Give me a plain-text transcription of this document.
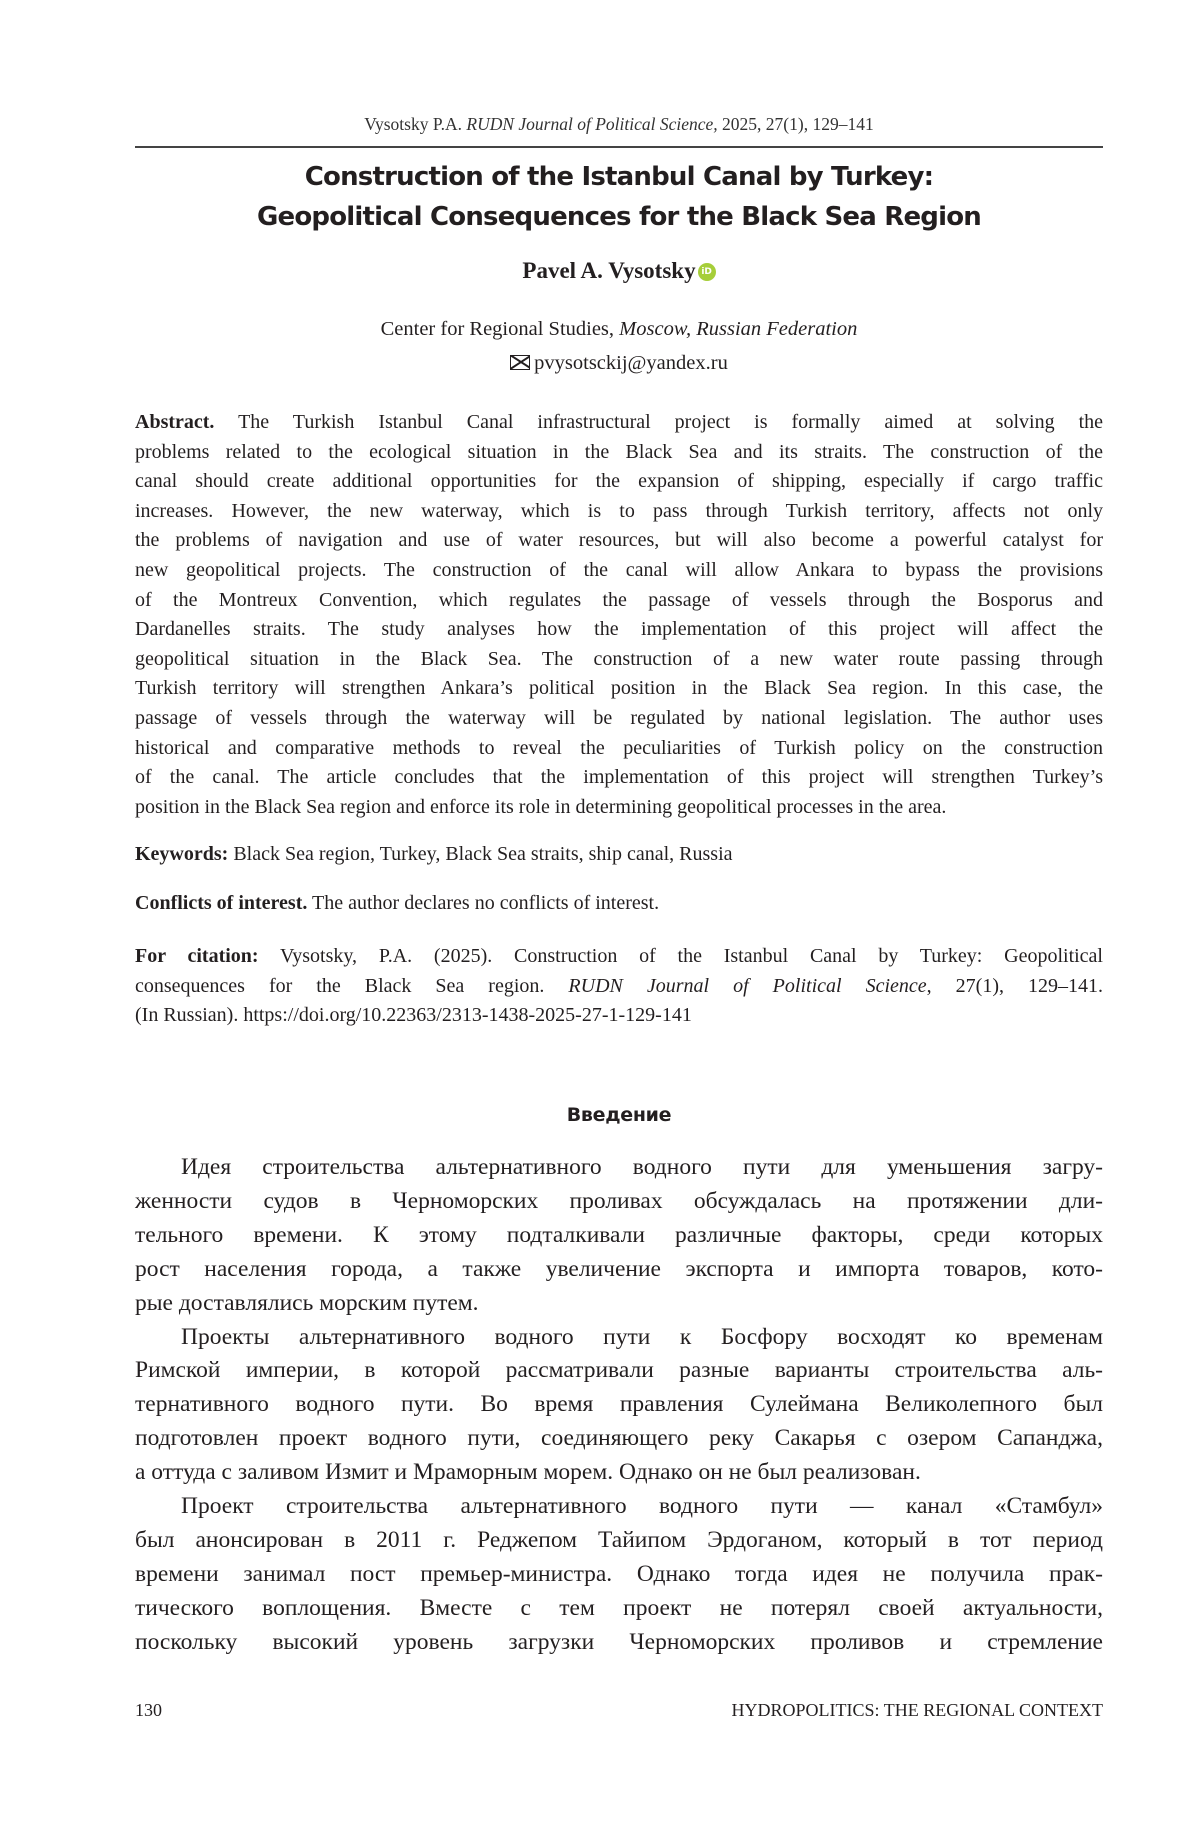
Vysotsky P.A. RUDN Journal of Political Science, 2025, 27(1), 129–141
Construction of the Istanbul Canal by Turkey:
Geopolitical Consequences for the Black Sea Region
Pavel A. Vysotsky iD
Center for Regional Studies, Moscow, Russian Federation
pvysotsckij@yandex.ru
Abstract. The Turkish Istanbul Canal infrastructural project is formally aimed at solving the
problems related to the ecological situation in the Black Sea and its straits. The construction of the
canal should create additional opportunities for the expansion of shipping, especially if cargo traffic
increases. However, the new waterway, which is to pass through Turkish territory, affects not only
the problems of navigation and use of water resources, but will also become a powerful catalyst for
new geopolitical projects. The construction of the canal will allow Ankara to bypass the provisions
of the Montreux Convention, which regulates the passage of vessels through the Bosporus and
Dardanelles straits. The study analyses how the implementation of this project will affect the
geopolitical situation in the Black Sea. The construction of a new water route passing through
Turkish territory will strengthen Ankara’s political position in the Black Sea region. In this case, the
passage of vessels through the waterway will be regulated by national legislation. The author uses
historical and comparative methods to reveal the peculiarities of Turkish policy on the construction
of the canal. The article concludes that the implementation of this project will strengthen Turkey’s
position in the Black Sea region and enforce its role in determining geopolitical processes in the area.
Keywords: Black Sea region, Turkey, Black Sea straits, ship canal, Russia
Conflicts of interest. The author declares no conflicts of interest.
For citation: Vysotsky, P.A. (2025). Construction of the Istanbul Canal by Turkey: Geopolitical
consequences for the Black Sea region. RUDN Journal of Political Science, 27(1), 129–141.
(In Russian). https://doi.org/10.22363/2313-1438-2025-27-1-129-141
Введение
Идея строительства альтернативного водного пути для уменьшения загру-
женности судов в Черноморских проливах обсуждалась на протяжении дли-
тельного времени. К этому подталкивали различные факторы, среди которых
рост населения города, а также увеличение экспорта и импорта товаров, кото-
рые доставлялись морским путем.
Проекты альтернативного водного пути к Босфору восходят ко временам
Римской империи, в которой рассматривали разные варианты строительства аль-
тернативного водного пути. Во время правления Сулеймана Великолепного был
подготовлен проект водного пути, соединяющего реку Сакарья с озером Сапанджа,
а оттуда с заливом Измит и Мраморным морем. Однако он не был реализован.
Проект строительства альтернативного водного пути — канал «Стамбул»
был анонсирован в 2011 г. Реджепом Тайипом Эрдоганом, который в тот период
времени занимал пост премьер-министра. Однако тогда идея не получила прак-
тического воплощения. Вместе с тем проект не потерял своей актуальности,
поскольку высокий уровень загрузки Черноморских проливов и стремление
130	HYDROPOLITICS: THE REGIONAL CONTEXT
